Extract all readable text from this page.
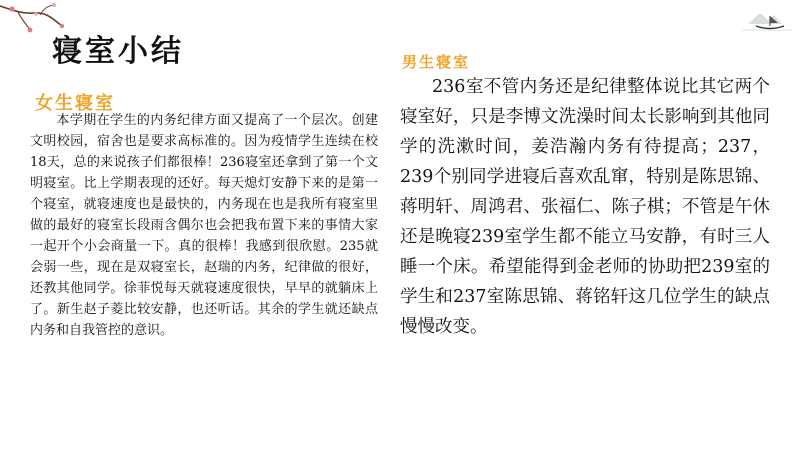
寝室小结
女生寝室

本学期在学生的内务纪律方面又提高了一个层次。创建文明校园，宿舍也是要求高标准的。因为疫情学生连续在校18天，总的来说孩子们都很棒！236寝室还拿到了第一个文明寝室。比上学期表现的还好。每天熄灯安静下来的是第一个寝室，就寝速度也是最快的，内务现在也是我所有寝室里做的最好的寝室长段雨含偶尔也会把我布置下来的事情大家一起开个小会商量一下。真的很棒！我感到很欣慰。235就会弱一些，现在是双寝室长，赵瑞的内务，纪律做的很好，还教其他同学。徐菲悦每天就寝速度很快，早早的就躺床上了。新生赵子菱比较安静，也还听话。其余的学生就还缺点内务和自我管控的意识。

男生寝室

236室不管内务还是纪律整体说比其它两个寝室好，只是李博文洗澡时间太长影响到其他同学的洗漱时间，姜浩瀚内务有待提高；237，239个别同学进寝后喜欢乱窜，特别是陈思锦、蒋明轩、周鸿君、张福仁、陈子棋；不管是午休还是晚寝239室学生都不能立马安静，有时三人睡一个床。希望能得到金老师的协助把239室的学生和237室陈思锦、蒋铭轩这几位学生的缺点慢慢改变。
